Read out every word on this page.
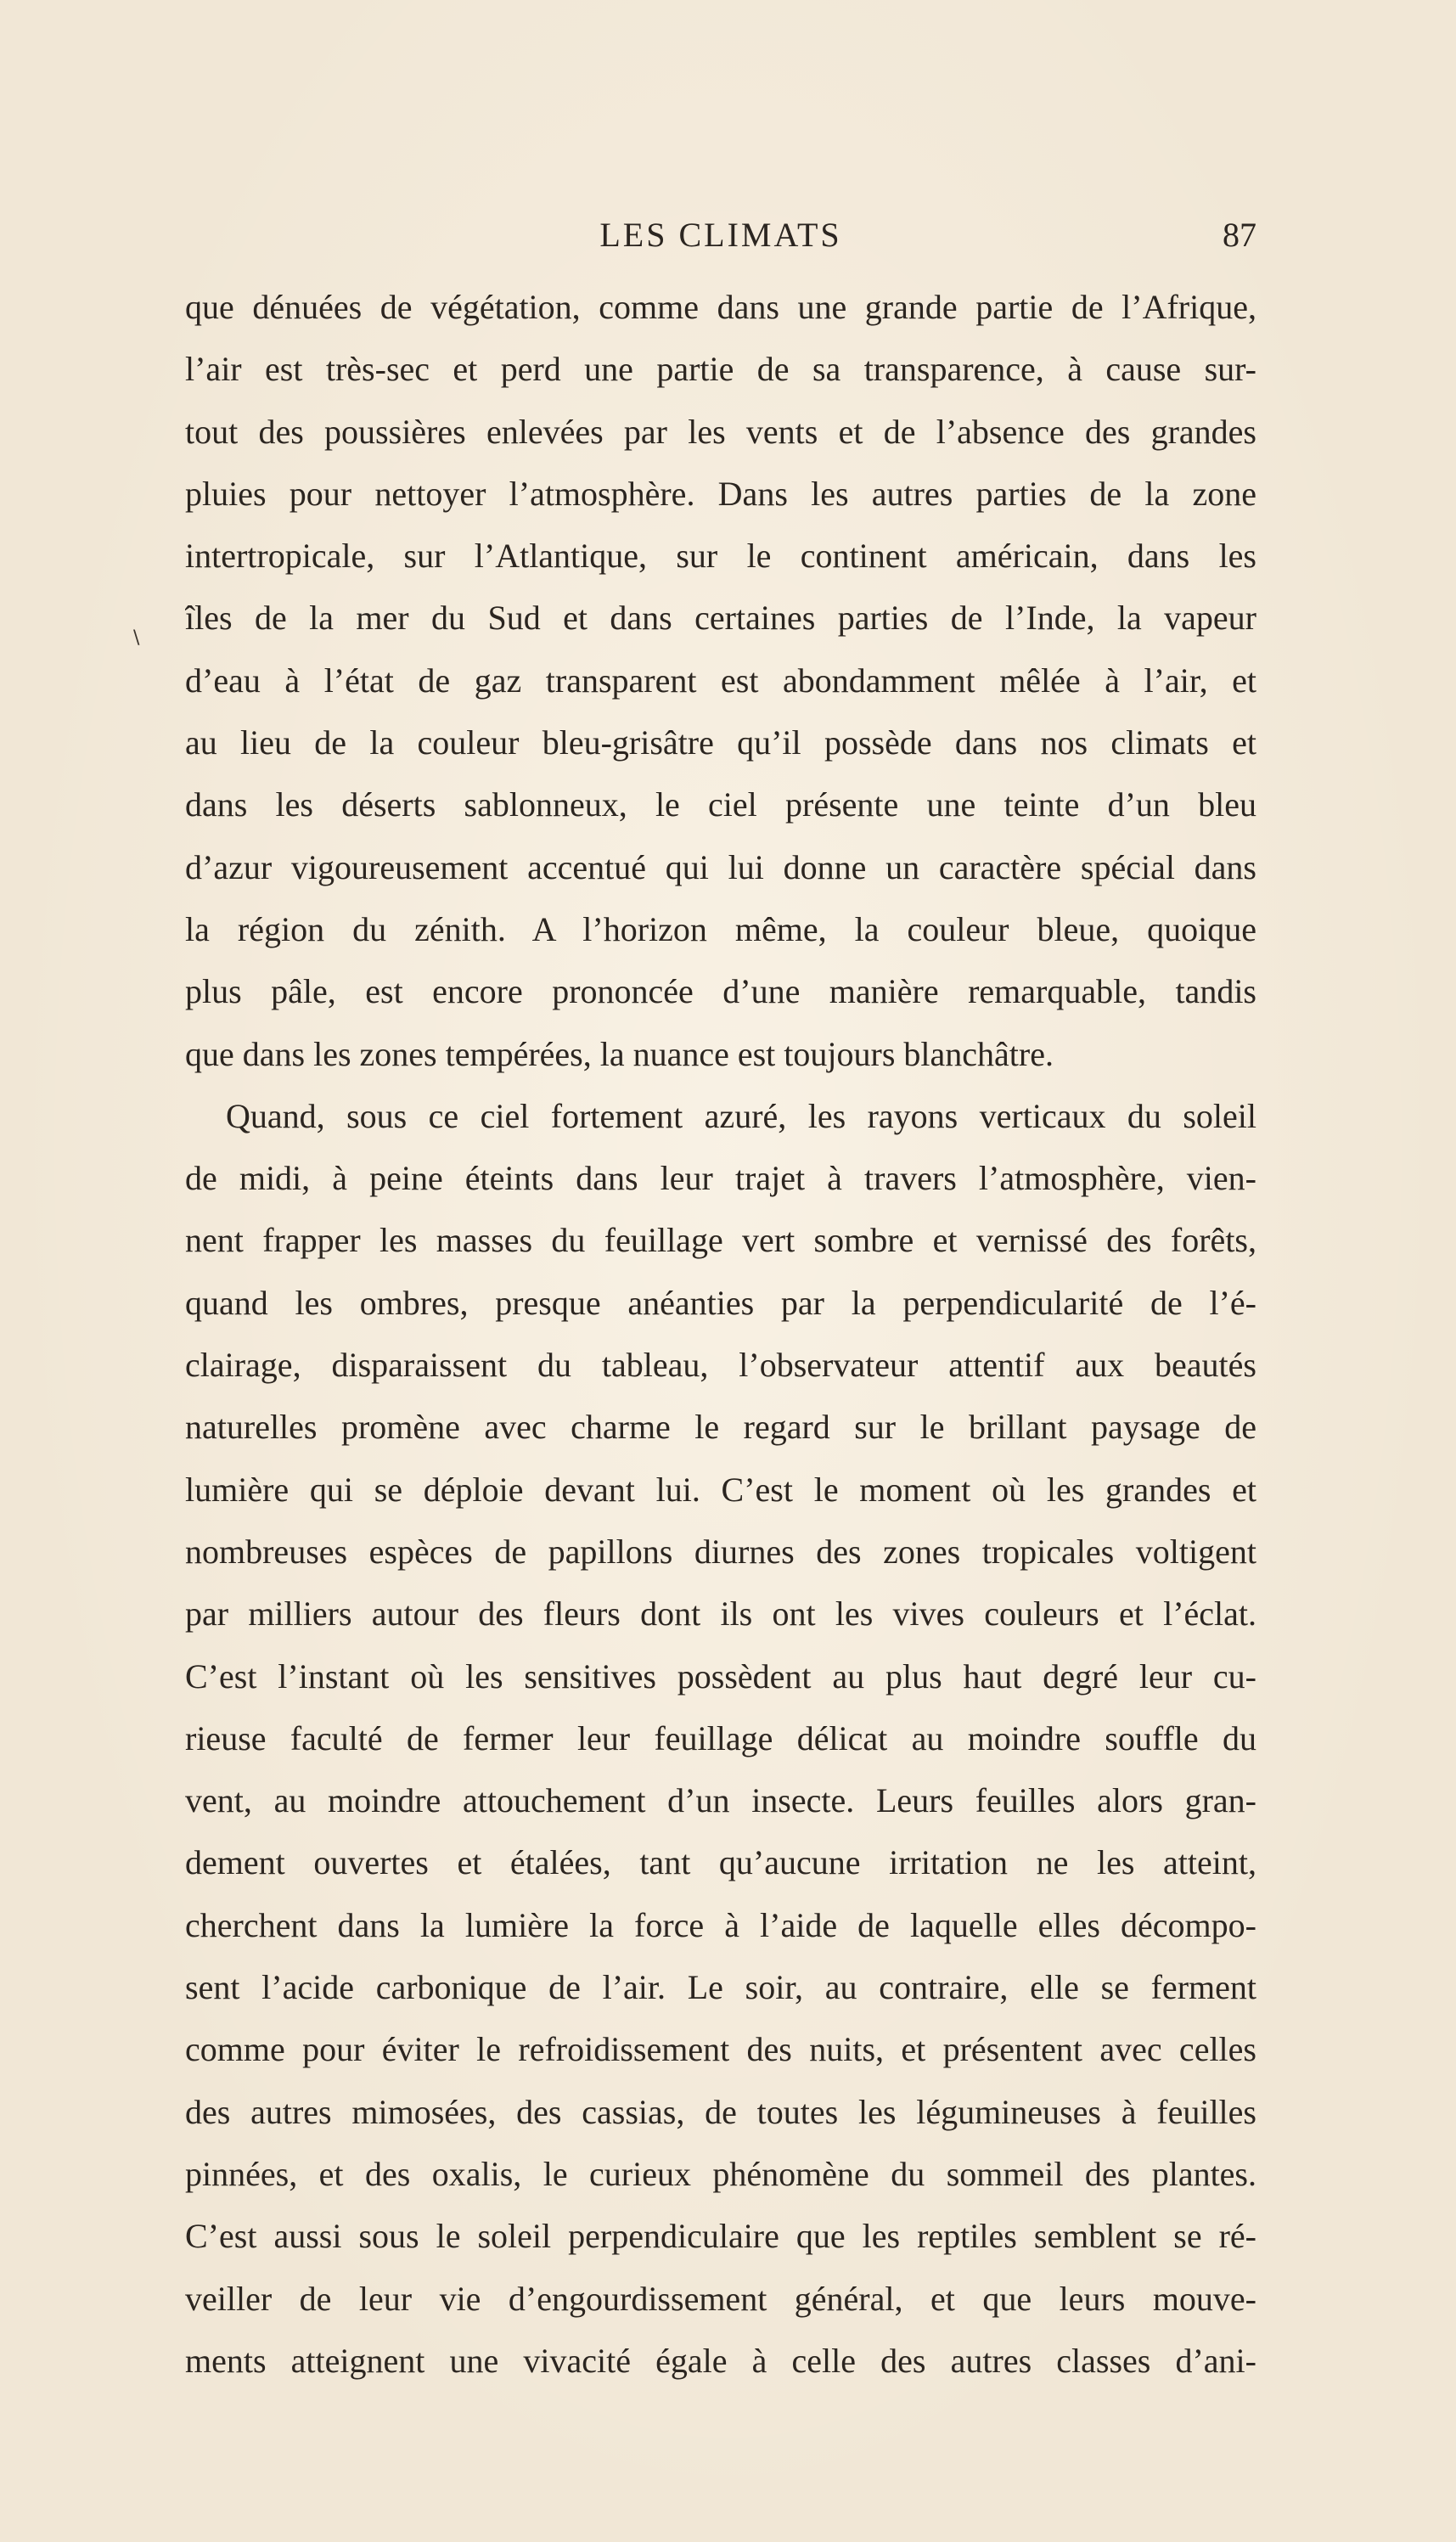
LES CLIMATS	87
\
que dénuées de végétation, comme dans une grande partie de l’Afrique,
l’air est très-sec et perd une partie de sa transparence, à cause sur-
tout des poussières enlevées par les vents et de l’absence des grandes
pluies pour nettoyer l’atmosphère. Dans les autres parties de la zone
intertropicale, sur l’Atlantique, sur le continent américain, dans les
îles de la mer du Sud et dans certaines parties de l’Inde, la vapeur
d’eau à l’état de gaz transparent est abondamment mêlée à l’air, et
au lieu de la couleur bleu-grisâtre qu’il possède dans nos climats et
dans les déserts sablonneux, le ciel présente une teinte d’un bleu
d’azur vigoureusement accentué qui lui donne un caractère spécial dans
la région du zénith. A l’horizon même, la couleur bleue, quoique
plus pâle, est encore prononcée d’une manière remarquable, tandis
que dans les zones tempérées, la nuance est toujours blanchâtre.
Quand, sous ce ciel fortement azuré, les rayons verticaux du soleil
de midi, à peine éteints dans leur trajet à travers l’atmosphère, vien-
nent frapper les masses du feuillage vert sombre et vernissé des forêts,
quand les ombres, presque anéanties par la perpendicularité de l’é-
clairage, disparaissent du tableau, l’observateur attentif aux beautés
naturelles promène avec charme le regard sur le brillant paysage de
lumière qui se déploie devant lui. C’est le moment où les grandes et
nombreuses espèces de papillons diurnes des zones tropicales voltigent
par milliers autour des fleurs dont ils ont les vives couleurs et l’éclat.
C’est l’instant où les sensitives possèdent au plus haut degré leur cu-
rieuse faculté de fermer leur feuillage délicat au moindre souffle du
vent, au moindre attouchement d’un insecte. Leurs feuilles alors gran-
dement ouvertes et étalées, tant qu’aucune irritation ne les atteint,
cherchent dans la lumière la force à l’aide de laquelle elles décompo-
sent l’acide carbonique de l’air. Le soir, au contraire, elle se ferment
comme pour éviter le refroidissement des nuits, et présentent avec celles
des autres mimosées, des cassias, de toutes les légumineuses à feuilles
pinnées, et des oxalis, le curieux phénomène du sommeil des plantes.
C’est aussi sous le soleil perpendiculaire que les reptiles semblent se ré-
veiller de leur vie d’engourdissement général, et que leurs mouve-
ments atteignent une vivacité égale à celle des autres classes d’ani-
